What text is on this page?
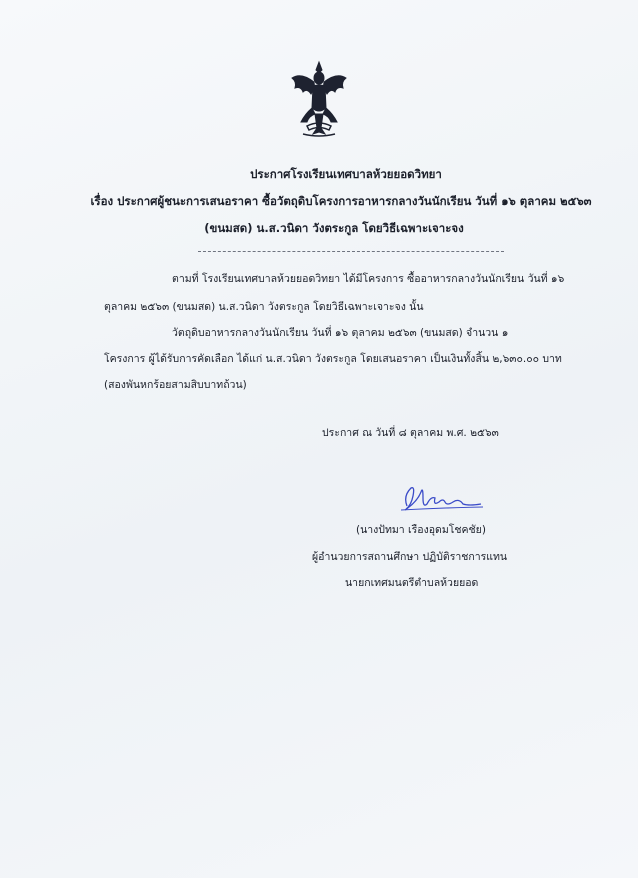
ประกาศโรงเรียนเทศบาลห้วยยอดวิทยา
เรื่อง ประกาศผู้ชนะการเสนอราคา ซื้อวัตถุดิบโครงการอาหารกลางวันนักเรียน วันที่ ๑๖ ตุลาคม ๒๕๖๓
(ขนมสด) น.ส.วนิดา วังตระกูล โดยวิธีเฉพาะเจาะจง
ตามที่ โรงเรียนเทศบาลห้วยยอดวิทยา ได้มีโครงการ ซื้ออาหารกลางวันนักเรียน วันที่ ๑๖
ตุลาคม ๒๕๖๓ (ขนมสด) น.ส.วนิดา วังตระกูล โดยวิธีเฉพาะเจาะจง นั้น
วัตถุดิบอาหารกลางวันนักเรียน วันที่ ๑๖ ตุลาคม ๒๕๖๓ (ขนมสด) จำนวน ๑
โครงการ ผู้ได้รับการคัดเลือก ได้แก่ น.ส.วนิดา วังตระกูล โดยเสนอราคา เป็นเงินทั้งสิ้น ๒,๖๓๐.๐๐ บาท
(สองพันหกร้อยสามสิบบาทถ้วน)
ประกาศ ณ วันที่ ๘ ตุลาคม พ.ศ. ๒๕๖๓
(นางปัทมา เรืองอุดมโชคชัย)
ผู้อำนวยการสถานศึกษา ปฏิบัติราชการแทน
นายกเทศมนตรีตำบลห้วยยอด
